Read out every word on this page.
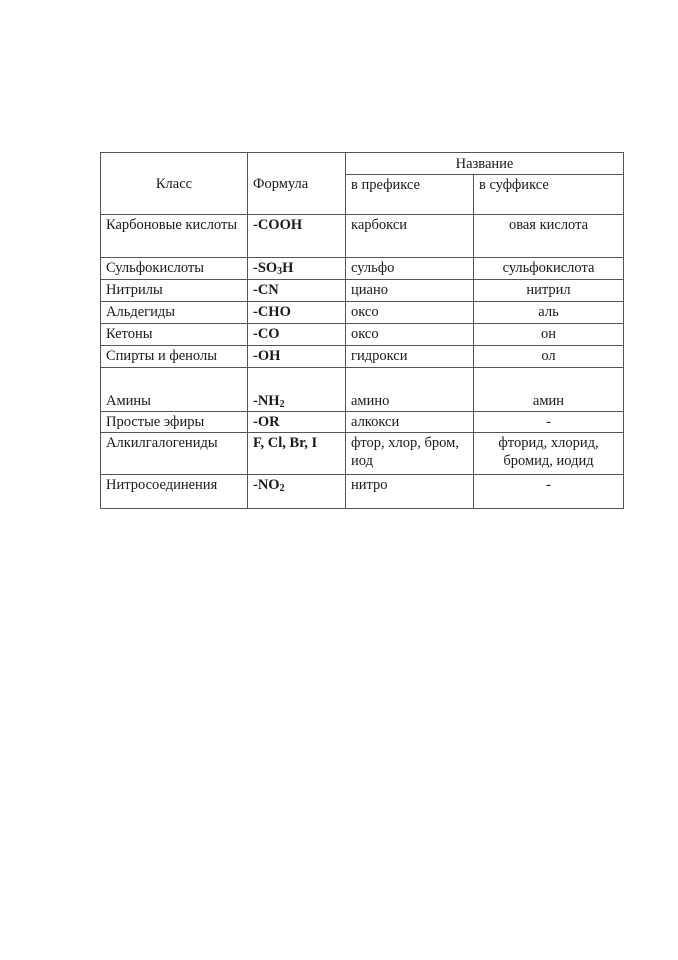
Класс	Формула	Название	
		в префиксе	в суффиксе
Карбоновые кислоты	-COOH	карбокси	овая кислота
Сульфокислоты	$-SO_3H$	сульфо	сульфокислота
Нитрилы	-CN	циано	нитрил
Альдегиды	-CHO	оксо	аль
Кетоны	-CO	оксо	он
Спирты и фенолы	-OH	гидрокси	ол
Амины	$-NH_2$	амино	амин
Простые эфиры	-OR	алкокси	-
Алкилгалогениды	F, Cl, Br, I	фтор, хлор, бром, иод	фторид, хлорид, бромид, иодид
Нитросоединения	$-NO_2$	нитро	-
